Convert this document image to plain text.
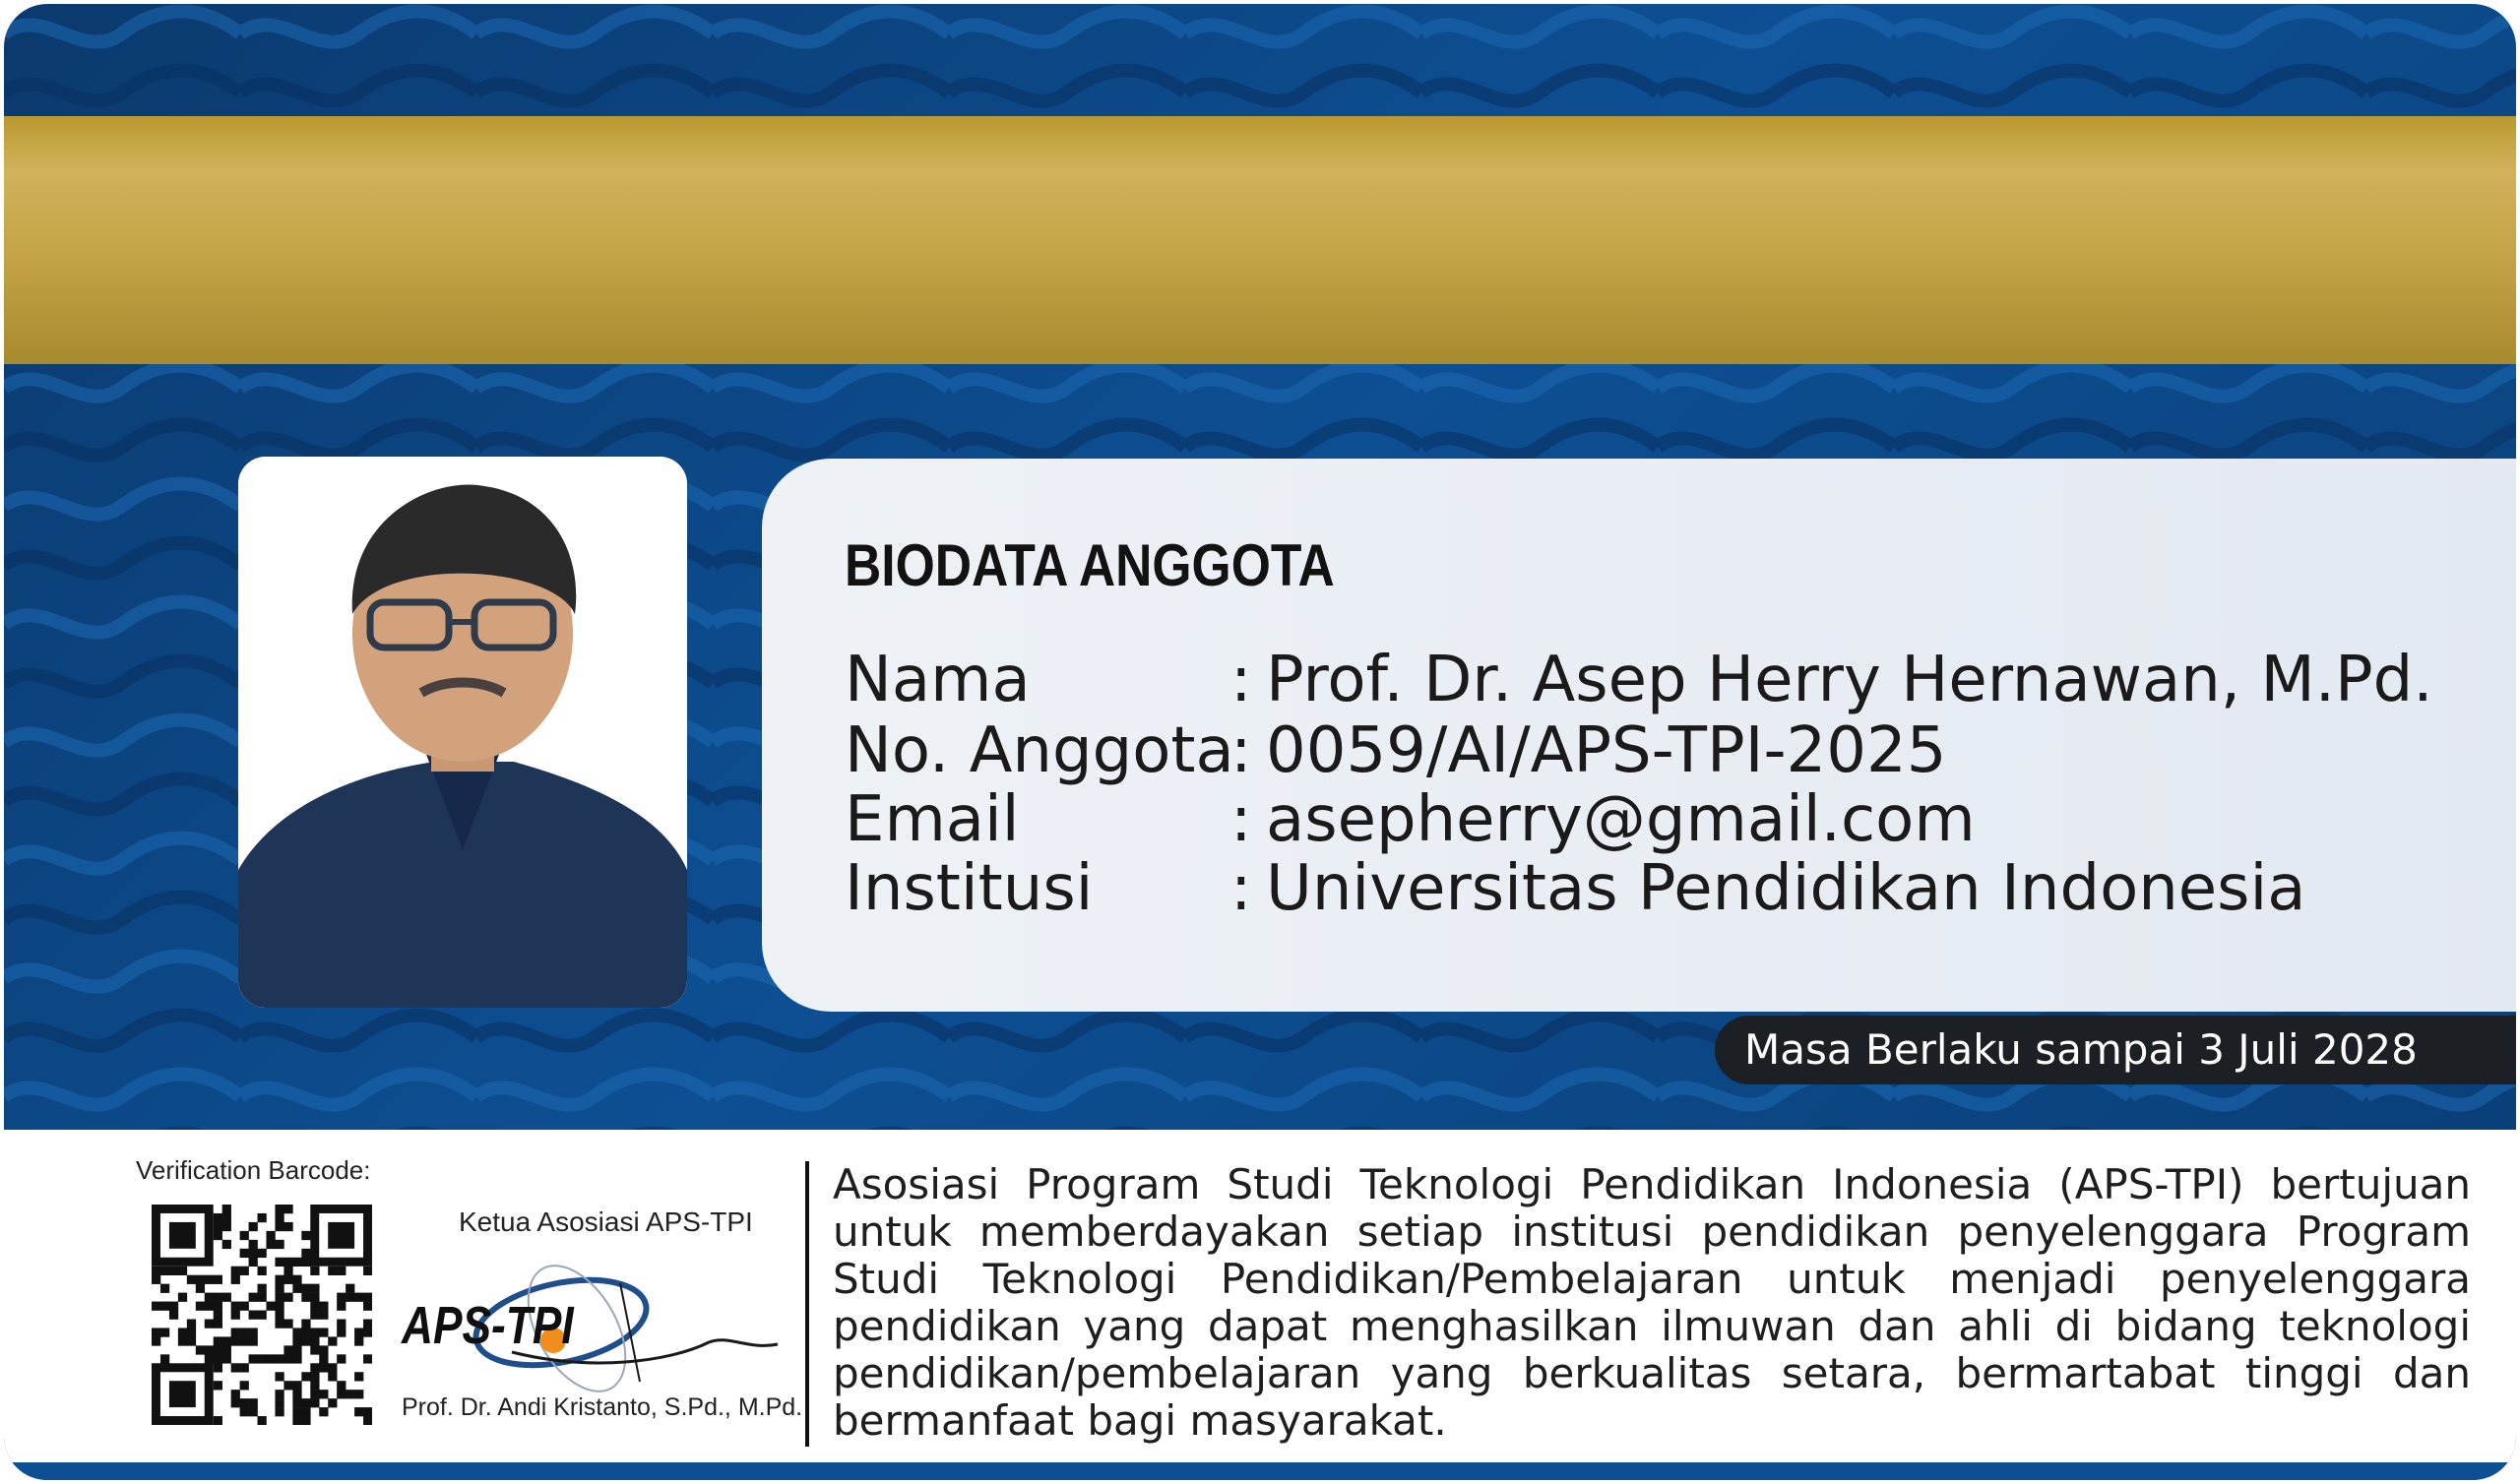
BIODATA ANGGOTA
Nama	: Prof. Dr. Asep Herry Hernawan, M.Pd.
No. Anggota
: 0059/AI/APS-TPI-2025
Email	: asepherry@gmail.com
Institusi : Universitas Pendidikan Indonesia
Masa Berlaku sampai 3 Juli 2028
Verification Barcode:
Ketua Asosiasi APS-TPI
APS-TPI
Prof. Dr. Andi Kristanto, S.Pd., M.Pd.

Asosiasi Program Studi Teknologi Pendidikan Indonesia (APS-TPI) bertujuan untuk memberdayakan setiap institusi pendidikan penyelenggara Program Studi Teknologi Pendidikan/Pembelajaran untuk menjadi penyelenggara pendidikan yang dapat menghasilkan ilmuwan dan ahli di bidang teknologi pendidikan/pembelajaran yang berkualitas setara, bermartabat tinggi dan bermanfaat bagi masyarakat.
